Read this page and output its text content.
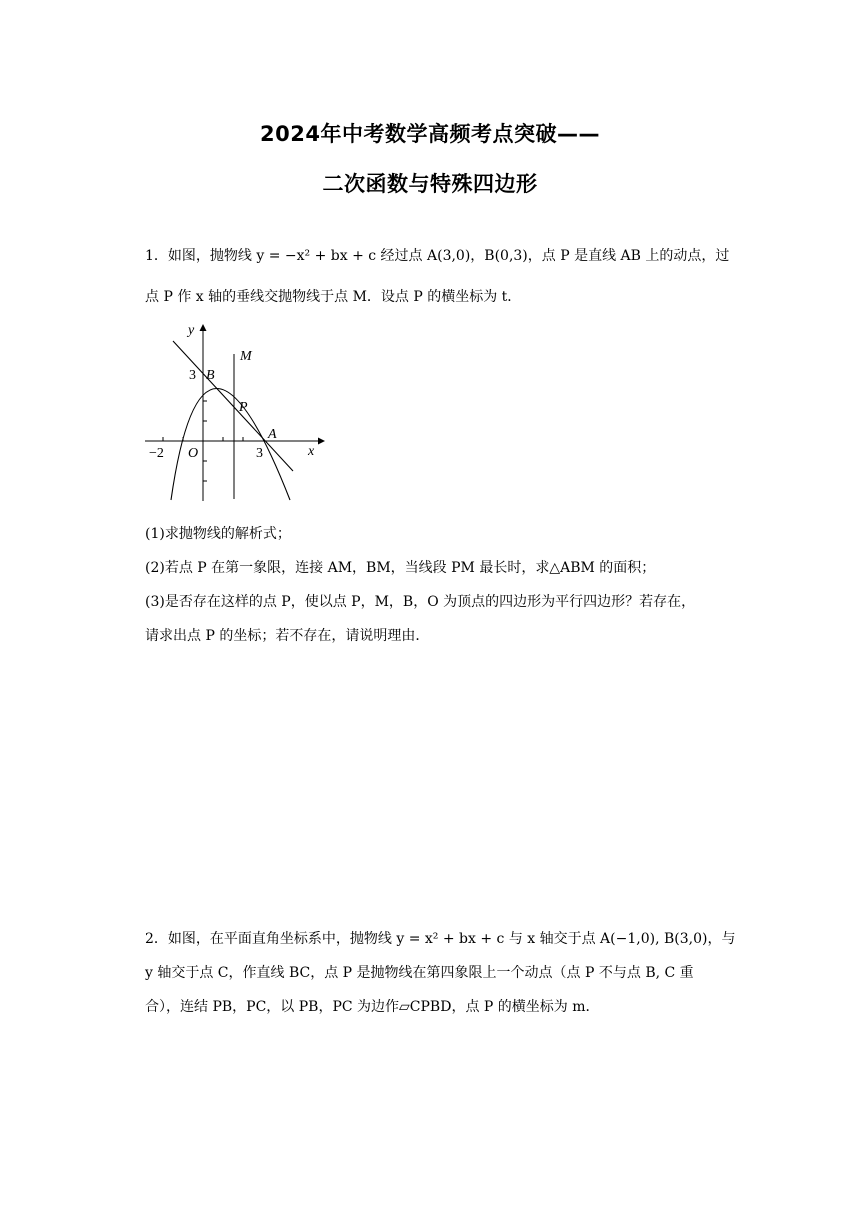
2024年中考数学高频考点突破——
二次函数与特殊四边形
1．如图，抛物线 y = −x² + bx + c 经过点 A(3,0)，B(0,3)，点 P 是直线 AB 上的动点，过
点 P 作 x 轴的垂线交抛物线于点 M．设点 P 的横坐标为 t．
y
x
M
B
3
P
A
O	3
−2
(1)求抛物线的解析式；
(2)若点 P 在第一象限，连接 AM，BM，当线段 PM 最长时，求△ABM 的面积；
(3)是否存在这样的点 P，使以点 P，M，B，O 为顶点的四边形为平行四边形？若存在，
请求出点 P 的坐标；若不存在，请说明理由．
2．如图，在平面直角坐标系中，抛物线 y = x² + bx + c 与 x 轴交于点 A(−1,0), B(3,0)，与
y 轴交于点 C，作直线 BC，点 P 是抛物线在第四象限上一个动点（点 P 不与点 B, C 重
合），连结 PB，PC，以 PB，PC 为边作▱CPBD，点 P 的横坐标为 m．
